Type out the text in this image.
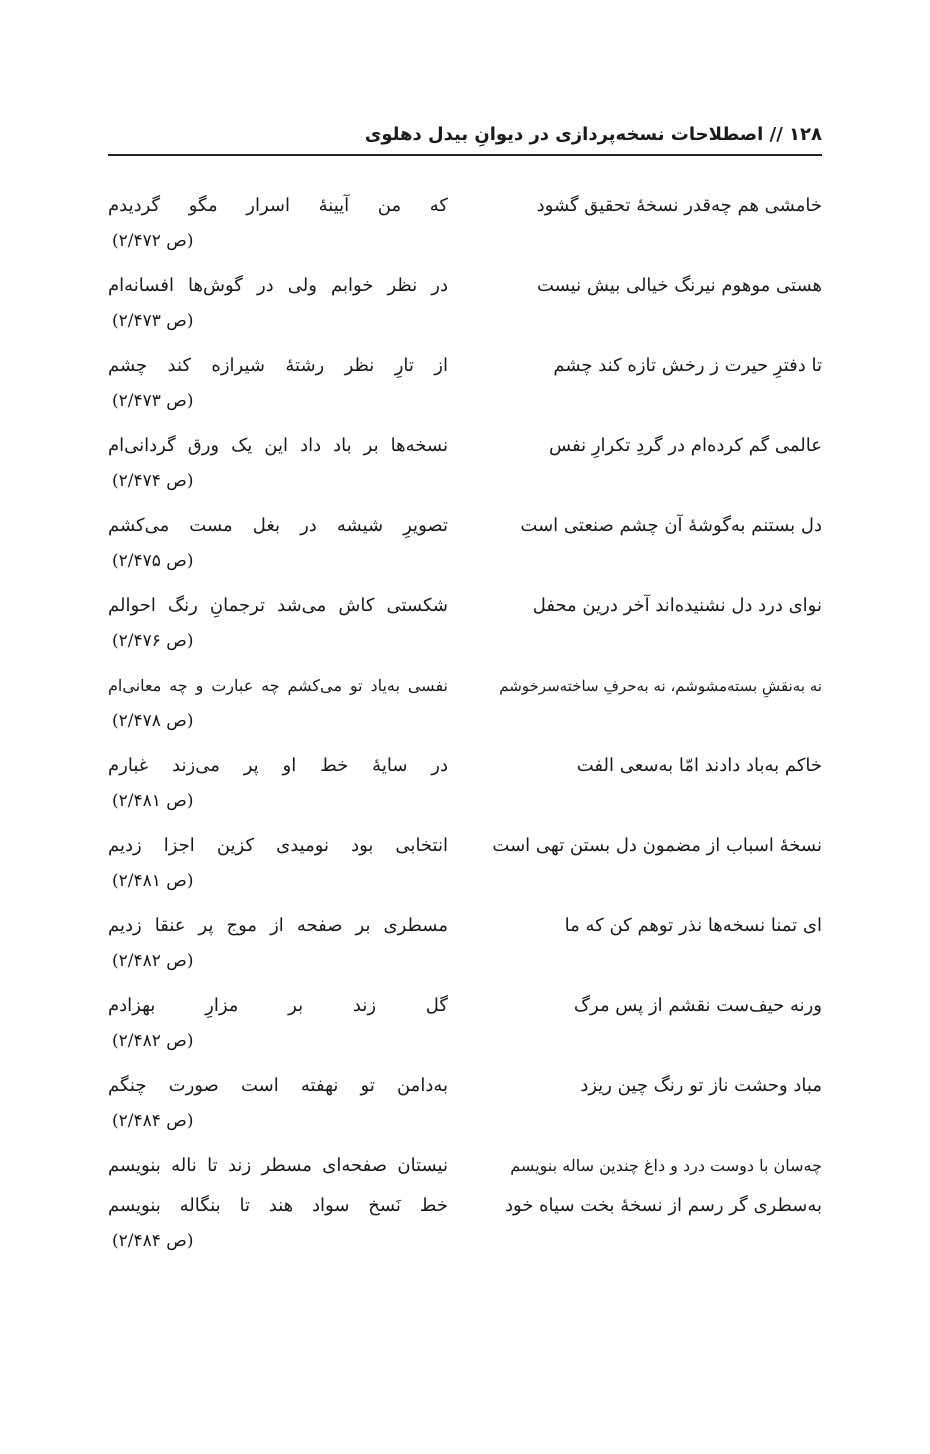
۱۲۸ // اصطلاحات نسخه‌پردازی در دیوانِ بیدل دهلوی
خامشی هم چه‌قدر نسخهٔ تحقیق گشود
که من آیینهٔ اسرار مگو گردیدم
(ص ۲/۴۷۲)
هستی موهوم نیرنگ خیالی بیش نیست
در نظر خوابم ولی در گوش‌ها افسانه‌ام
(ص ۲/۴۷۳)
تا دفترِ حیرت ز رخش تازه کند چشم
از تارِ نظر رشتهٔ شیرازه کند چشم
(ص ۲/۴۷۳)
عالمی گم کرده‌ام در گردِ تکرارِ نفس
نسخه‌ها بر باد داد این یک ورق گردانی‌ام
(ص ۲/۴۷۴)
دل بستنم به‌گوشهٔ آن چشم صنعتی است
تصویرِ شیشه در بغل مست می‌کشم
(ص ۲/۴۷۵)
نوای درد دل نشنیده‌اند آخر درین محفل
شکستی کاش می‌شد ترجمانِ رنگ احوالم
(ص ۲/۴۷۶)
نه به‌نقشِ بسته‌مشوشم، نه به‌حرفِ ساخته‌سرخوشم
نفسی به‌یاد تو می‌کشم چه عبارت و چه معانی‌ام
(ص ۲/۴۷۸)
خاکم به‌باد دادند امّا به‌سعی الفت
در سایهٔ خط او پر می‌زند غبارم
(ص ۲/۴۸۱)
نسخهٔ اسباب از مضمون دل بستن تهی است
انتخابی بود نومیدی کزین اجزا زدیم
(ص ۲/۴۸۱)
ای تمنا نسخه‌ها نذر توهم کن که ما
مسطری بر صفحه از موج پر عنقا زدیم
(ص ۲/۴۸۲)
ورنه حیف‌ست نقشم از پس مرگ
گل زند بر مزارِ بهزادم
(ص ۲/۴۸۲)
مباد وحشت ناز تو رنگ چین ریزد
به‌دامن تو نهفته است صورت چنگم
(ص ۲/۴۸۴)
چه‌سان با دوست درد و داغ چندین ساله بنویسم
نیستان صفحه‌ای مسطر زند تا ناله بنویسم
به‌سطری گر رسم از نسخهٔ بخت سیاه خود
خط نَسخ سواد هند تا بنگاله بنویسم
(ص ۲/۴۸۴)
